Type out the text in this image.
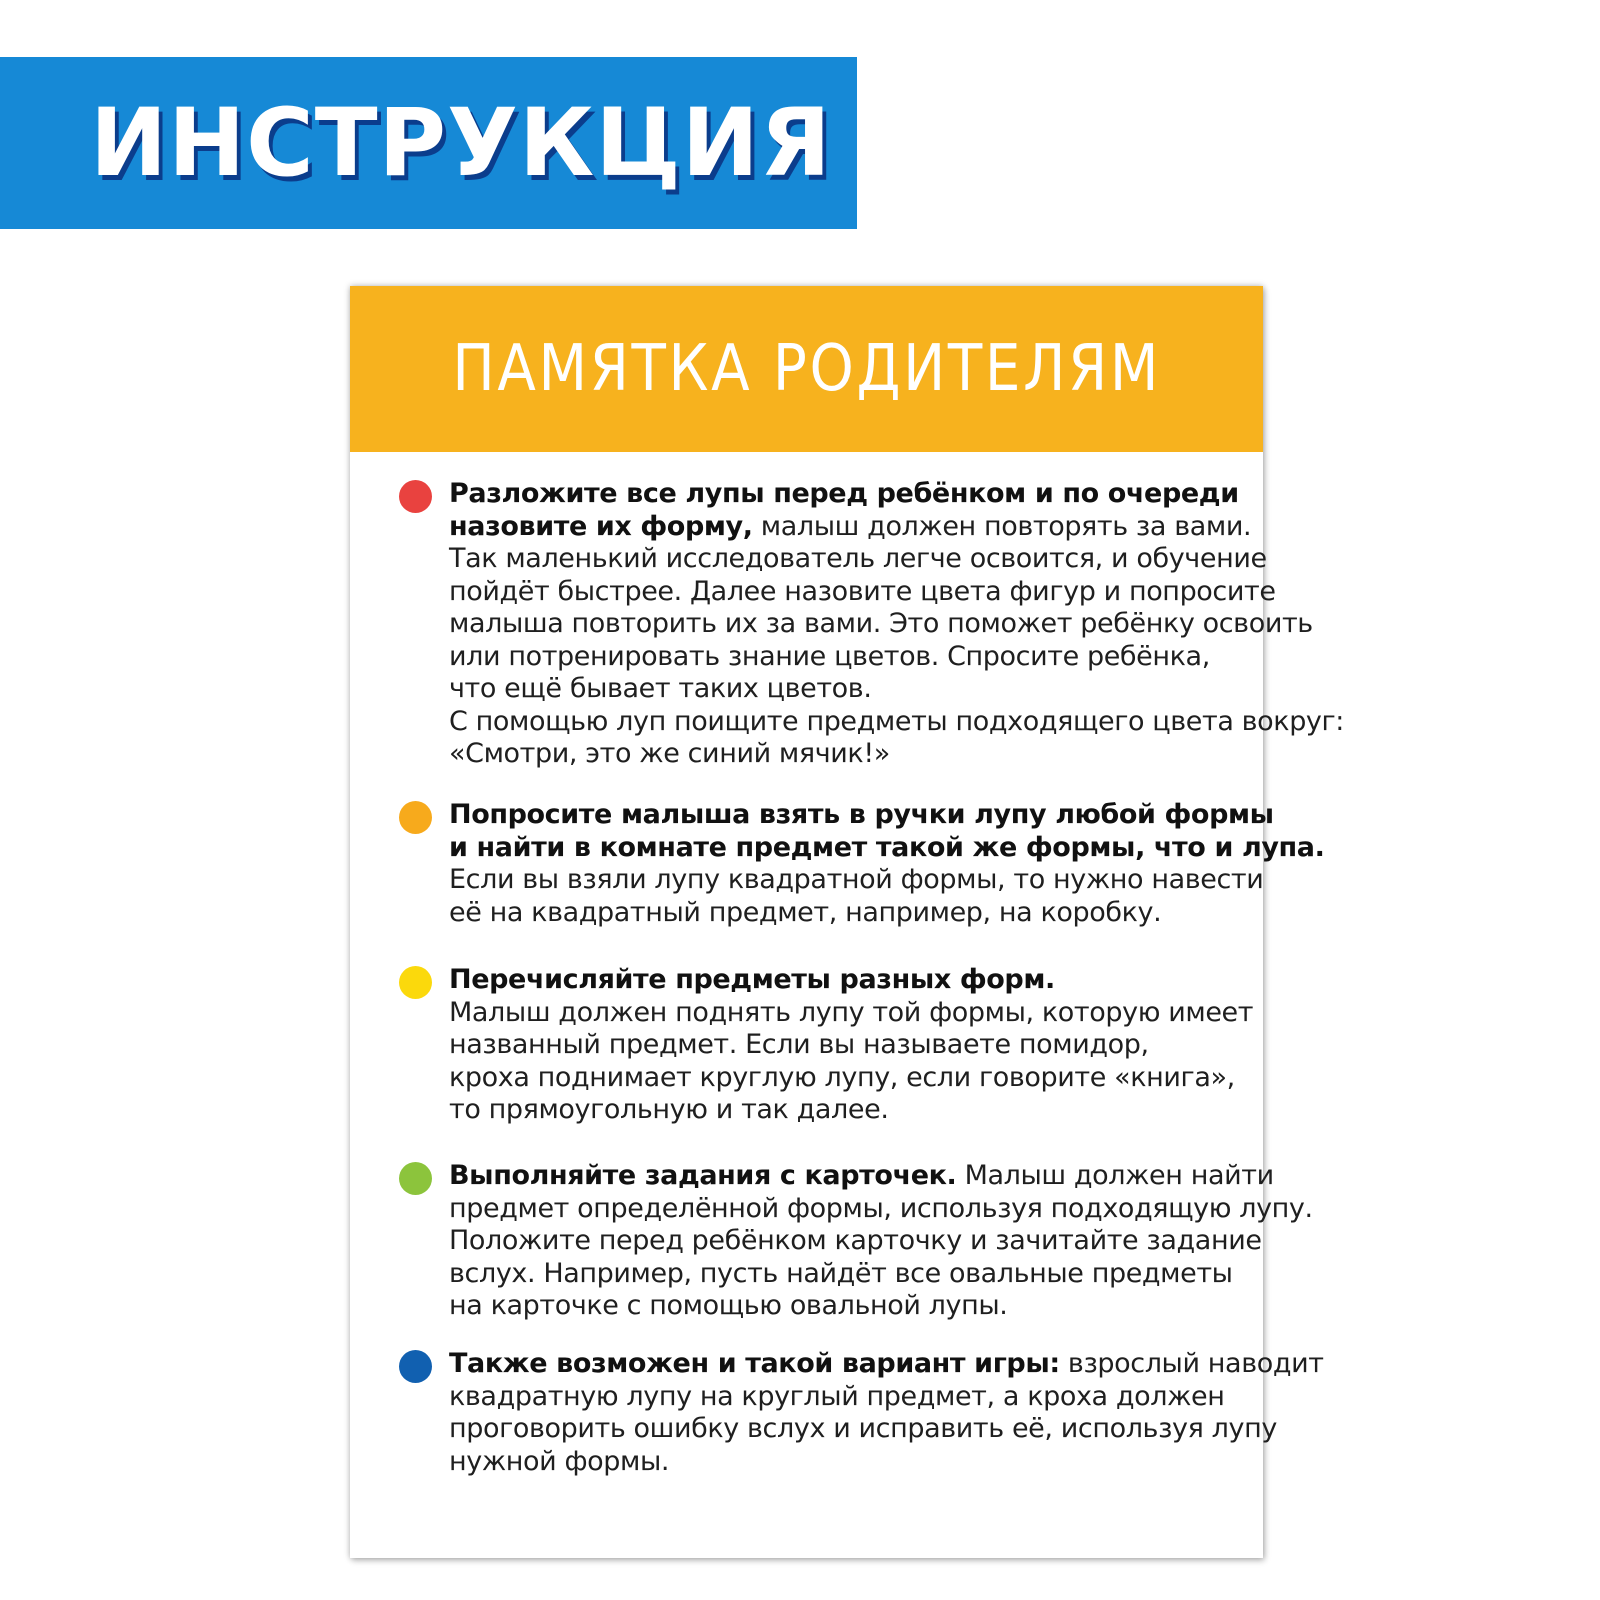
ИНСТРУКЦИЯ
ПАМЯТКА РОДИТЕЛЯМ
Разложите все лупы перед ребёнком и по очереди
назовите их форму, малыш должен повторять за вами.
Так маленький исследователь легче освоится, и обучение
пойдёт быстрее. Далее назовите цвета фигур и попросите
малыша повторить их за вами. Это поможет ребёнку освоить
или потренировать знание цветов. Спросите ребёнка,
что ещё бывает таких цветов.
С помощью луп поищите предметы подходящего цвета вокруг:
«Смотри, это же синий мячик!»
Попросите малыша взять в ручки лупу любой формы
и найти в комнате предмет такой же формы, что и лупа.
Если вы взяли лупу квадратной формы, то нужно навести
её на квадратный предмет, например, на коробку.
Перечисляйте предметы разных форм.
Малыш должен поднять лупу той формы, которую имеет
названный предмет. Если вы называете помидор,
кроха поднимает круглую лупу, если говорите «книга»,
то прямоугольную и так далее.
Выполняйте задания с карточек. Малыш должен найти
предмет определённой формы, используя подходящую лупу.
Положите перед ребёнком карточку и зачитайте задание
вслух. Например, пусть найдёт все овальные предметы
на карточке с помощью овальной лупы.
Также возможен и такой вариант игры: взрослый наводит
квадратную лупу на круглый предмет, а кроха должен
проговорить ошибку вслух и исправить её, используя лупу
нужной формы.
